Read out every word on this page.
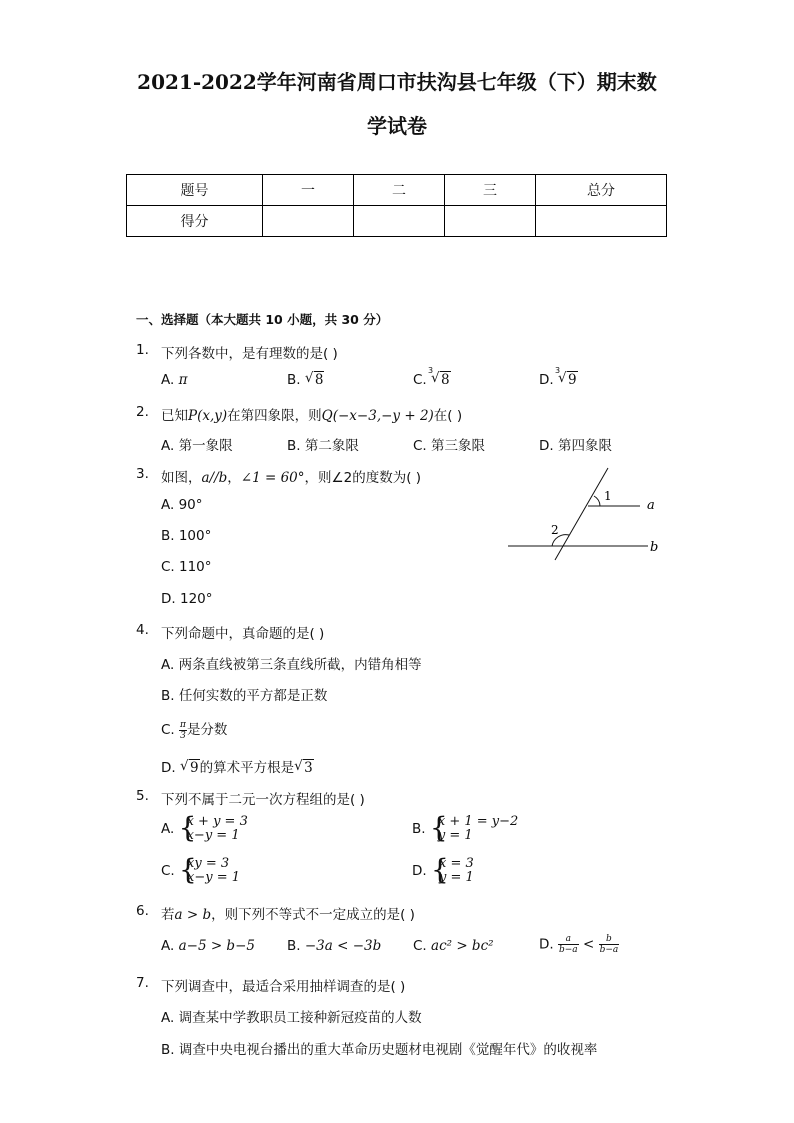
2021-2022学年河南省周口市扶沟县七年级（下）期末数
学试卷
题号	一	二	三	总分
得分				
一、选择题（本大题共 10 小题，共 30 分）
1. 下列各数中，是有理数的是( )
A. π	B. √ 8	C.
3
√ 8	D.
3
√ 9
2. 已知P(x,y)在第四象限，则Q(−x−3,−y + 2)在( )
A. 第一象限	B. 第二象限	C. 第三象限	D. 第四象限
3. 如图，a//b，∠1 = 60°，则∠2的度数为( )
A. 90°
B. 100°
C. 110°
D. 120°
1
2
a
b
4. 下列命题中，真命题的是( )
A. 两条直线被第三条直线所截，内错角相等
B. 任何实数的平方都是正数
C. $\frac{\pi}{3}$ 是分数
D. √ 9的算术平方根是 √ 3
5. 下列不属于二元一次方程组的是( )
A. {
x + y = 3
x−y = 1	B. {
x + 1 = y−2
y = 1
C. {
xy = 3
x−y = 1	D. {
x = 3
y = 1
6. 若a > b，则下列不等式不一定成立的是( )
A. a−5 > b−5 B. −3a < −3b C. ac² > bc²	D. $\frac{a}{b-a} < \frac{b}{b-a}$
7. 下列调查中，最适合采用抽样调查的是( )
A. 调查某中学教职员工接种新冠疫苗的人数
B. 调查中央电视台播出的重大革命历史题材电视剧《觉醒年代》的收视率
